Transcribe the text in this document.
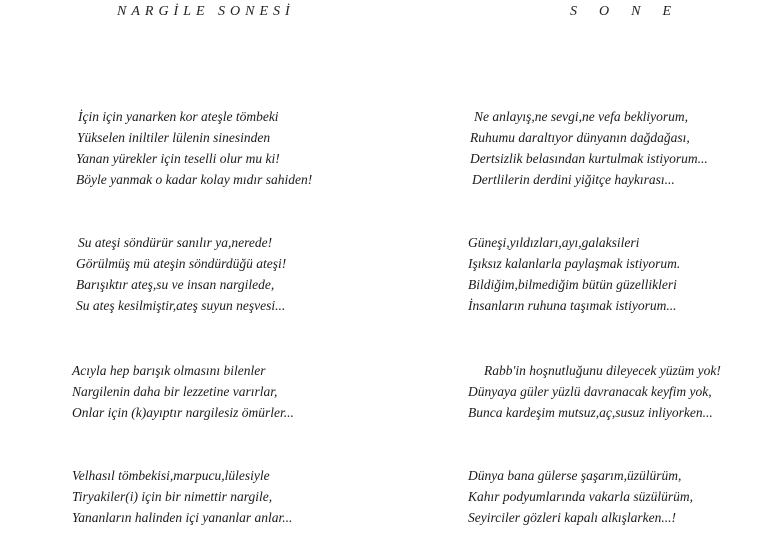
NARGİLE SONESİ	SONE
İçin için yanarken kor ateşle tömbeki
Yükselen iniltiler lülenin sinesinden
Yanan yürekler için teselli olur mu ki!
Böyle yanmak o kadar kolay mıdır sahiden!
Su ateşi söndürür sanılır ya,nerede!
Görülmüş mü ateşin söndürdüğü ateşi!
Barışıktır ateş,su ve insan nargilede,
Su ateş kesilmiştir,ateş suyun neşvesi...
Acıyla hep barışık olmasını bilenler
Nargilenin daha bir lezzetine varırlar,
Onlar için (k)ayıptır nargilesiz ömürler...
Velhasıl tömbekisi,marpucu,lülesiyle
Tiryakiler(i) için bir nimettir nargile,
Yananların halinden içi yananlar anlar...
Ne anlayış,ne sevgi,ne vefa bekliyorum,
Ruhumu daraltıyor dünyanın dağdağası,
Dertsizlik belasından kurtulmak istiyorum...
Dertlilerin derdini yiğitçe haykırası...
Güneşi,yıldızları,ayı,galaksileri
Işıksız kalanlarla paylaşmak istiyorum.
Bildiğim,bilmediğim bütün güzellikleri
İnsanların ruhuna taşımak istiyorum...
Rabb'in hoşnutluğunu dileyecek yüzüm yok!
Dünyaya güler yüzlü davranacak keyfim yok,
Bunca kardeşim mutsuz,aç,susuz inliyorken...
Dünya bana gülerse şaşarım,üzülürüm,
Kahır podyumlarında vakarla süzülürüm,
Seyirciler gözleri kapalı alkışlarken...!
